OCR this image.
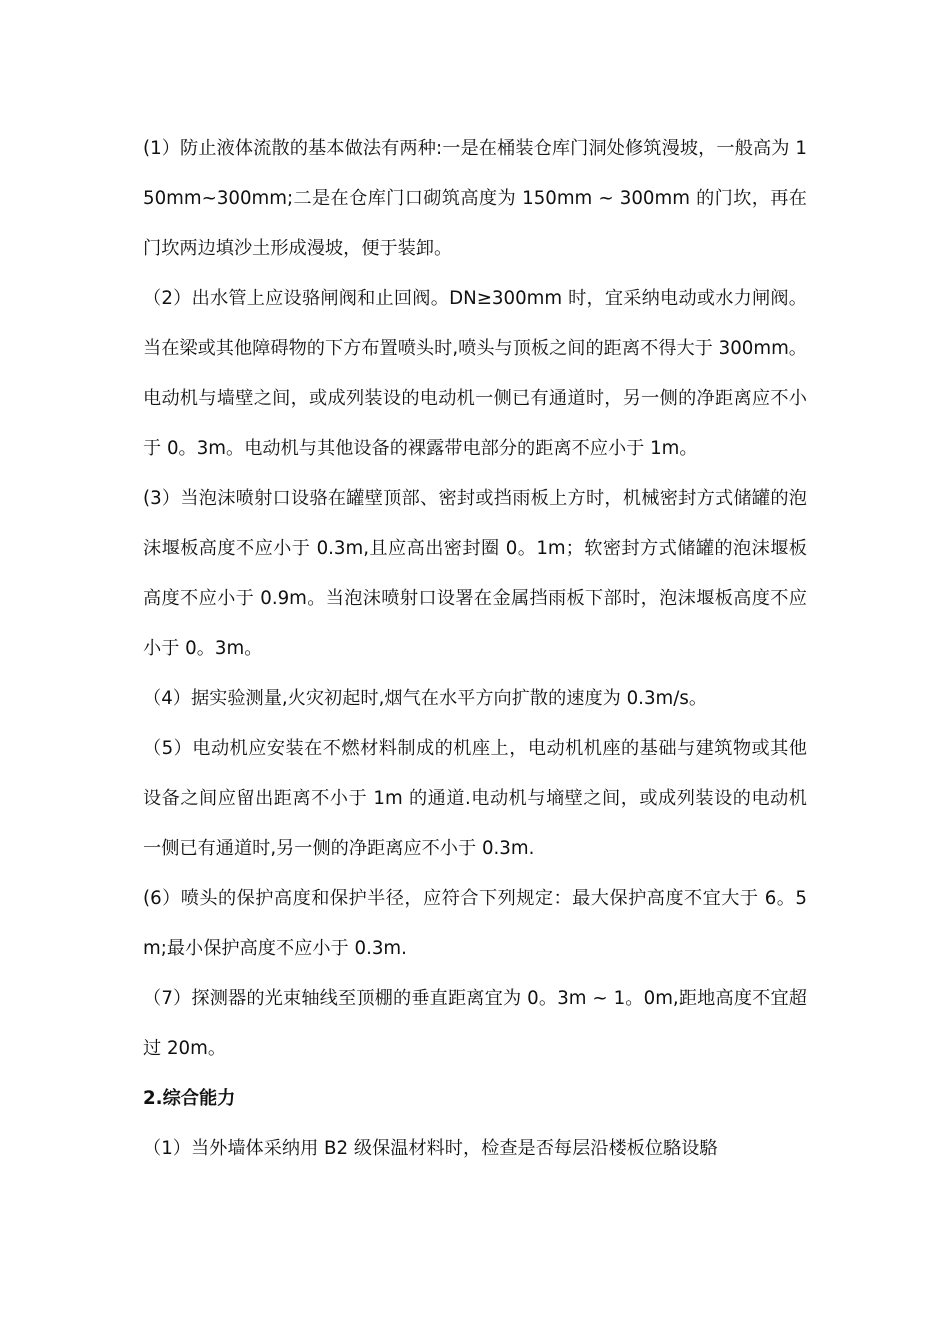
(1）防止液体流散的基本做法有两种:一是在桶装仓库门洞处修筑漫坡，一般高为 150mm~300mm;二是在仓库门口砌筑高度为 150mm ~ 300mm 的门坎，再在门坎两边填沙土形成漫坡，便于装卸。

（2）出水管上应设骆闸阀和止回阀。DN≥300mm 时，宜采纳电动或水力闸阀。 当在梁或其他障碍物的下方布置喷头时,喷头与顶板之间的距离不得大于 300mm。 电动机与墙壁之间，或成列装设的电动机一侧已有通道时，另一侧的净距离应不小于 0。3m。电动机与其他设备的裸露带电部分的距离不应小于 1m。

(3）当泡沫喷射口设骆在罐壁顶部、密封或挡雨板上方时，机械密封方式储罐的泡沫堰板高度不应小于 0.3m,且应高出密封圈 0。1m；软密封方式储罐的泡沫堰板高度不应小于 0.9m。当泡沫喷射口设署在金属挡雨板下部时，泡沫堰板高度不应小于 0。3m。

（4）据实验测量,火灾初起时,烟气在水平方向扩散的速度为 0.3m/s。

（5）电动机应安装在不燃材料制成的机座上，电动机机座的基础与建筑物或其他设备之间应留出距离不小于 1m 的通道.电动机与墒壁之间，或成列装设的电动机一侧已有通道时,另一侧的净距离应不小于 0.3m.

(6）喷头的保护高度和保护半径，应符合下列规定：最大保护高度不宜大于 6。5m;最小保护高度不应小于 0.3m.

（7）探测器的光束轴线至顶棚的垂直距离宜为 0。3m ~ 1。0m,距地高度不宜超过 20m。

2.综合能力

（1）当外墙体采纳用 B2 级保温材料时，检查是否每层沿楼板位駱设駱
